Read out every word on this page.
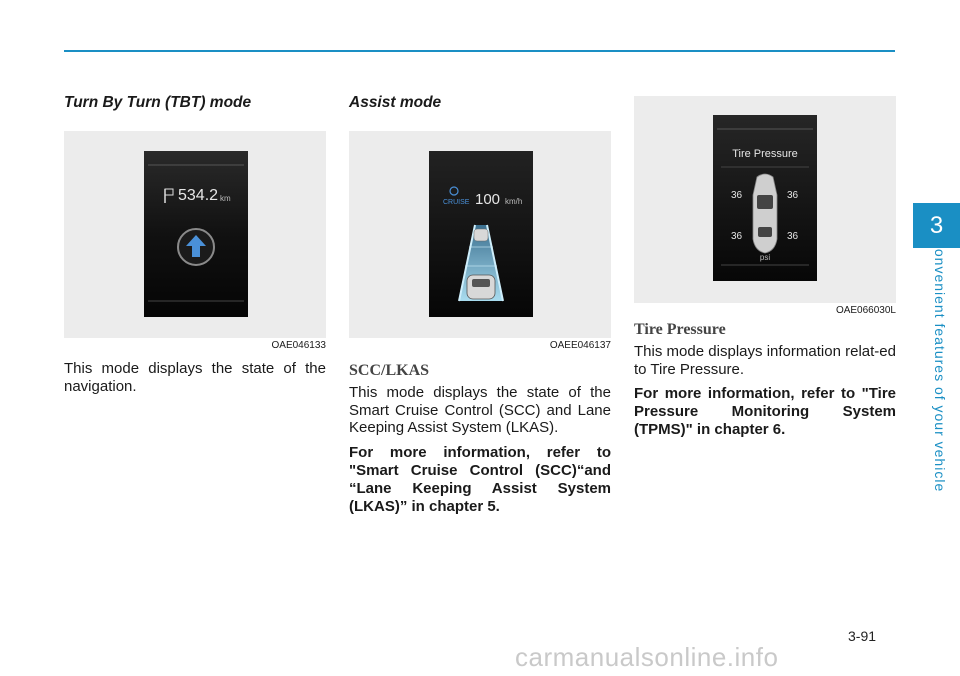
3
Convenient features of your vehicle
Turn By Turn (TBT) mode
534.2 km
OAE046133

This mode displays the state of the navigation.

Assist mode
CRUISE 100 km/h
OAEE046137
SCC/LKAS

This mode displays the state of the Smart Cruise Control (SCC) and Lane Keeping Assist System (LKAS).

For more information, refer to "Smart Cruise Control (SCC)“and “Lane Keeping Assist System (LKAS)” in chapter 5.

Tire Pressure
36	36
36	36
psi
OAE066030L
Tire Pressure

This mode displays information relat-ed to Tire Pressure.

For more information, refer to "Tire Pressure Monitoring System (TPMS)" in chapter 6.

3-91
carmanualsonline.info
